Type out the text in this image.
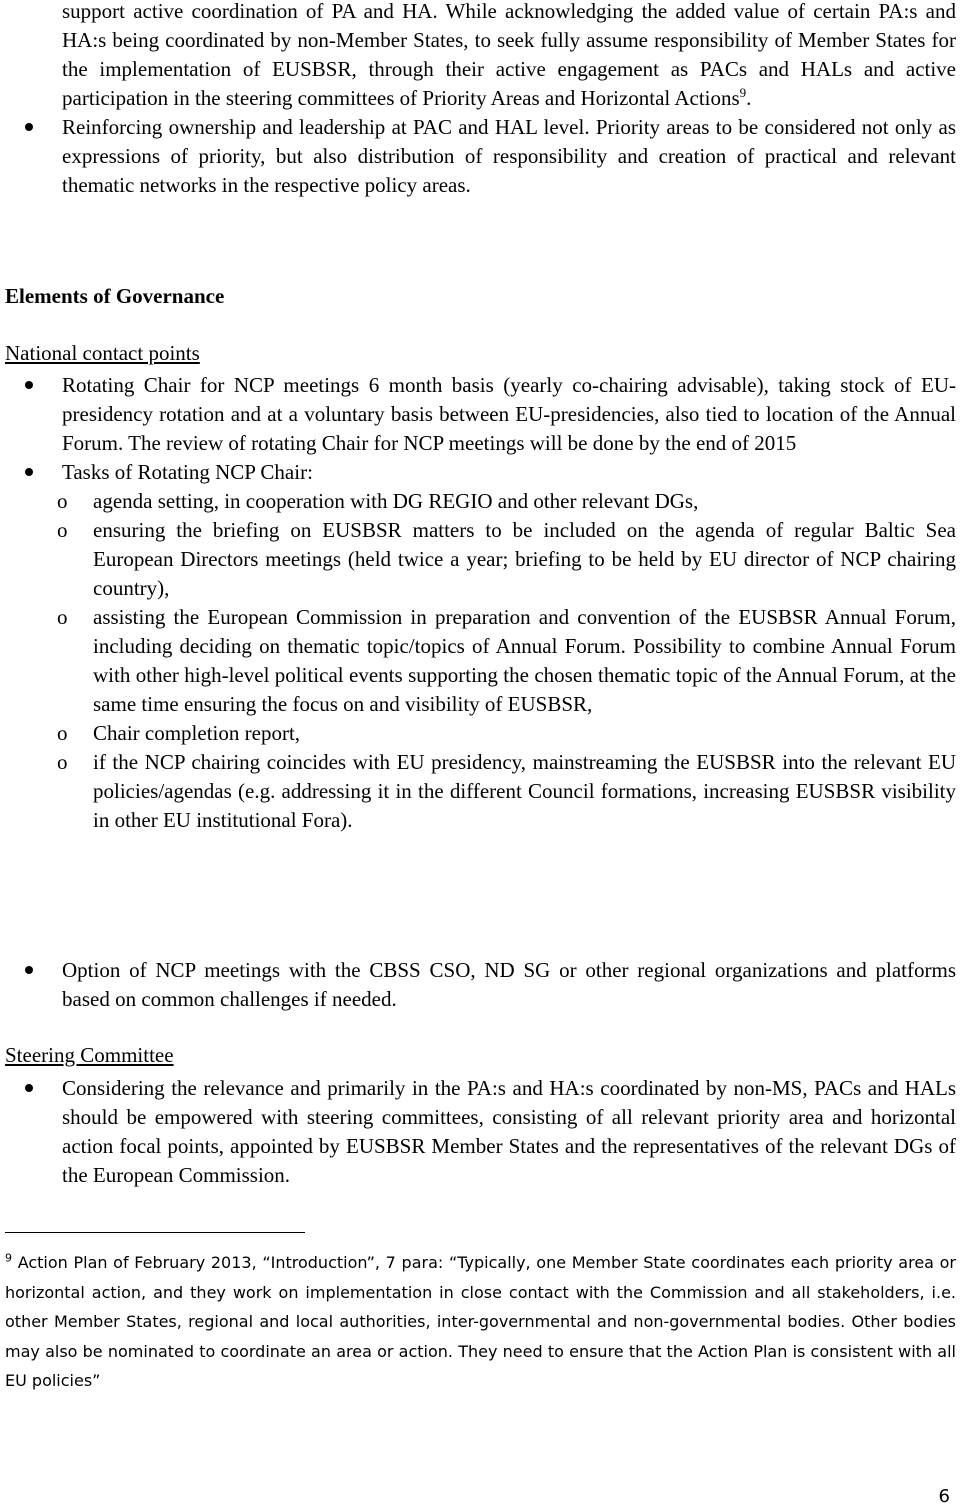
support active coordination of PA and HA. While acknowledging the added value of certain PA:s and HA:s being coordinated by non-Member States, to seek fully assume responsibility of Member States for the implementation of EUSBSR, through their active engagement as PACs and HALs and active participation in the steering committees of Priority Areas and Horizontal Actions$^9$.
Reinforcing ownership and leadership at PAC and HAL level. Priority areas to be considered not only as expressions of priority, but also distribution of responsibility and creation of practical and relevant thematic networks in the respective policy areas.
Elements of Governance
National contact points
Rotating Chair for NCP meetings 6 month basis (yearly co-chairing advisable), taking stock of EU-presidency rotation and at a voluntary basis between EU-presidencies, also tied to location of the Annual Forum. The review of rotating Chair for NCP meetings will be done by the end of 2015
Tasks of Rotating NCP Chair:
o agenda setting, in cooperation with DG REGIO and other relevant DGs,
o ensuring the briefing on EUSBSR matters to be included on the agenda of regular Baltic Sea European Directors meetings (held twice a year; briefing to be held by EU director of NCP chairing country),
o assisting the European Commission in preparation and convention of the EUSBSR Annual Forum, including deciding on thematic topic/topics of Annual Forum. Possibility to combine Annual Forum with other high-level political events supporting the chosen thematic topic of the Annual Forum, at the same time ensuring the focus on and visibility of EUSBSR,
o Chair completion report,
o if the NCP chairing coincides with EU presidency, mainstreaming the EUSBSR into the relevant EU policies/agendas (e.g. addressing it in the different Council formations, increasing EUSBSR visibility in other EU institutional Fora).
Option of NCP meetings with the CBSS CSO, ND SG or other regional organizations and platforms based on common challenges if needed.
Steering Committee
Considering the relevance and primarily in the PA:s and HA:s coordinated by non-MS, PACs and HALs should be empowered with steering committees, consisting of all relevant priority area and horizontal action focal points, appointed by EUSBSR Member States and the representatives of the relevant DGs of the European Commission.
$^9$ Action Plan of February 2013, “Introduction”, 7 para: “Typically, one Member State coordinates each priority area or horizontal action, and they work on implementation in close contact with the Commission and all stakeholders, i.e. other Member States, regional and local authorities, inter-governmental and non-governmental bodies. Other bodies may also be nominated to coordinate an area or action. They need to ensure that the Action Plan is consistent with all EU policies”
6
